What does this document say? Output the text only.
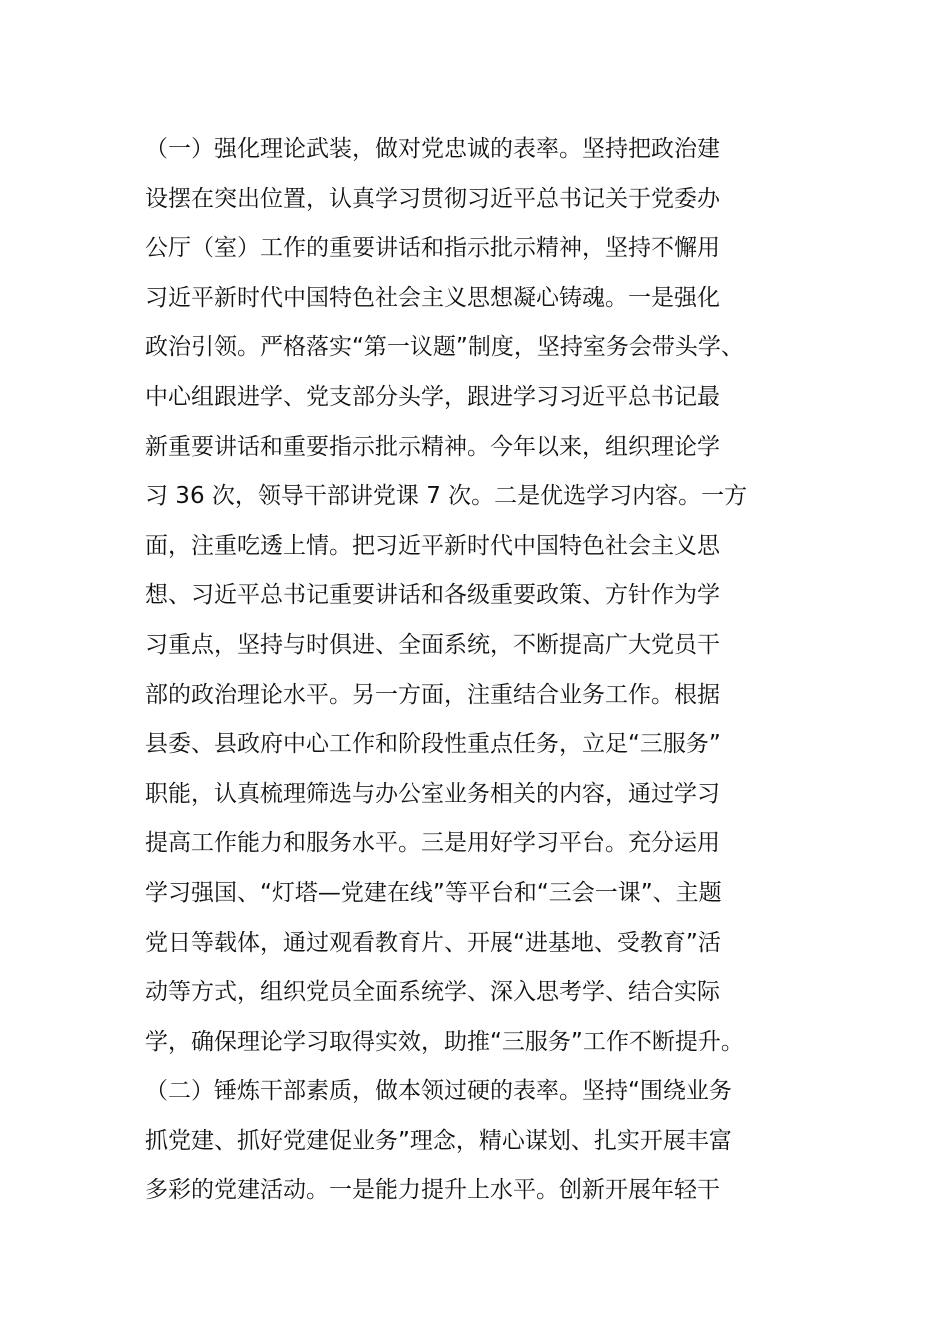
（一）强化理论武装，做对党忠诚的表率。坚持把政治建
设摆在突出位置，认真学习贯彻习近平总书记关于党委办
公厅（室）工作的重要讲话和指示批示精神，坚持不懈用
习近平新时代中国特色社会主义思想凝心铸魂。一是强化
政治引领。严格落实“第一议题”制度，坚持室务会带头学、
中心组跟进学、党支部分头学，跟进学习习近平总书记最
新重要讲话和重要指示批示精神。今年以来，组织理论学
习 36 次，领导干部讲党课 7 次。二是优选学习内容。一方
面，注重吃透上情。把习近平新时代中国特色社会主义思
想、习近平总书记重要讲话和各级重要政策、方针作为学
习重点，坚持与时俱进、全面系统，不断提高广大党员干
部的政治理论水平。另一方面，注重结合业务工作。根据
县委、县政府中心工作和阶段性重点任务，立足“三服务”
职能，认真梳理筛选与办公室业务相关的内容，通过学习
提高工作能力和服务水平。三是用好学习平台。充分运用
学习强国、“灯塔—党建在线”等平台和“三会一课”、主题
党日等载体，通过观看教育片、开展“进基地、受教育”活
动等方式，组织党员全面系统学、深入思考学、结合实际
学，确保理论学习取得实效，助推“三服务”工作不断提升。
（二）锤炼干部素质，做本领过硬的表率。坚持“围绕业务
抓党建、抓好党建促业务”理念，精心谋划、扎实开展丰富
多彩的党建活动。一是能力提升上水平。创新开展年轻干
